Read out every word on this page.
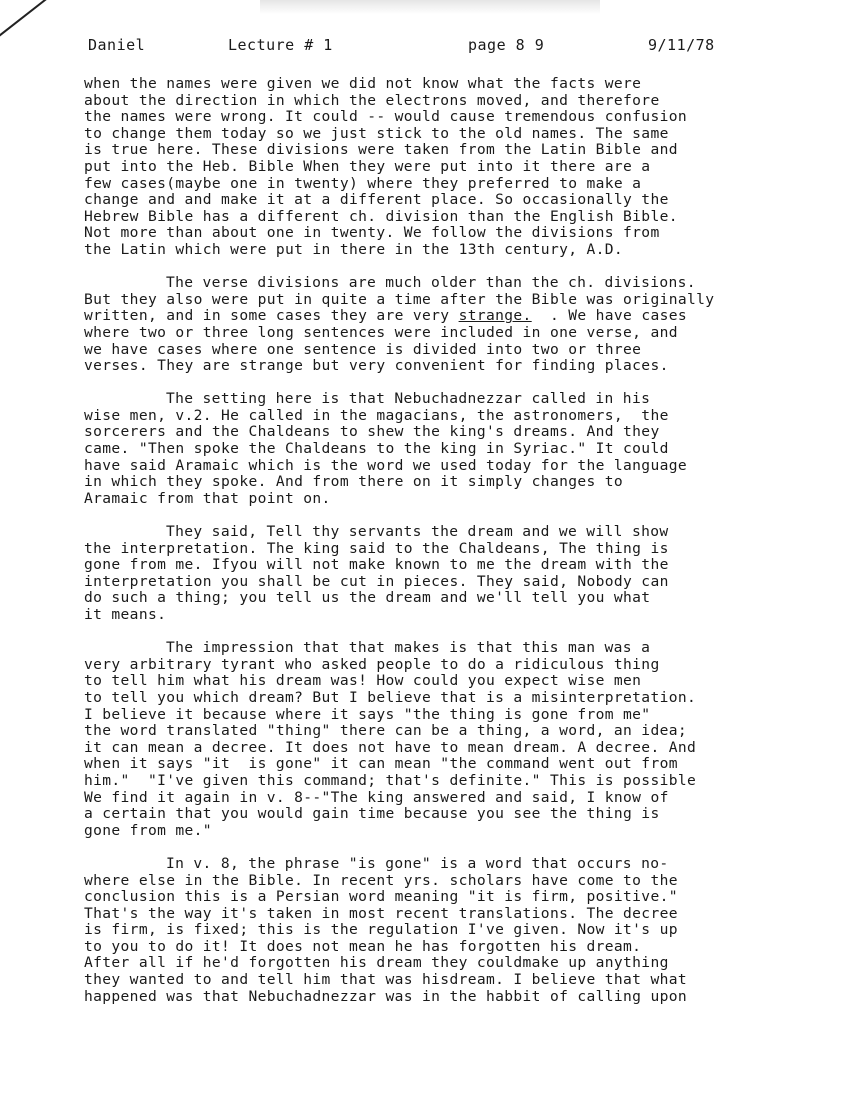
Daniel	Lecture # 1	page 8 9	9/11/78
when the names were given we did not know what the facts were
about the direction in which the electrons moved, and therefore
the names were wrong. It could -- would cause tremendous confusion
to change them today so we just stick to the old names. The same
is true here. These divisions were taken from the Latin Bible and
put into the Heb. Bible When they were put into it there are a
few cases(maybe one in twenty) where they preferred to make a
change and and make it at a different place. So occasionally the
Hebrew Bible has a different ch. division than the English Bible.
Not more than about one in twenty. We follow the divisions from
the Latin which were put in there in the 13th century, A.D.
The verse divisions are much older than the ch. divisions.
But they also were put in quite a time after the Bible was originally
written, and in some cases they are very strange.  . We have cases
where two or three long sentences were included in one verse, and
we have cases where one sentence is divided into two or three
verses. They are strange but very convenient for finding places.
The setting here is that Nebuchadnezzar called in his
wise men, v.2. He called in the magacians, the astronomers,  the
sorcerers and the Chaldeans to shew the king's dreams. And they
came. "Then spoke the Chaldeans to the king in Syriac." It could
have said Aramaic which is the word we used today for the language
in which they spoke. And from there on it simply changes to
Aramaic from that point on.
They said, Tell thy servants the dream and we will show
the interpretation. The king said to the Chaldeans, The thing is
gone from me. Ifyou will not make known to me the dream with the
interpretation you shall be cut in pieces. They said, Nobody can
do such a thing; you tell us the dream and we'll tell you what
it means.
The impression that that makes is that this man was a
very arbitrary tyrant who asked people to do a ridiculous thing
to tell him what his dream was! How could you expect wise men
to tell you which dream? But I believe that is a misinterpretation.
I believe it because where it says "the thing is gone from me"
the word translated "thing" there can be a thing, a word, an idea;
it can mean a decree. It does not have to mean dream. A decree. And
when it says "it  is gone" it can mean "the command went out from
him."  "I've given this command; that's definite." This is possible
We find it again in v. 8--"The king answered and said, I know of
a certain that you would gain time because you see the thing is
gone from me."
In v. 8, the phrase "is gone" is a word that occurs no-
where else in the Bible. In recent yrs. scholars have come to the
conclusion this is a Persian word meaning "it is firm, positive."
That's the way it's taken in most recent translations. The decree
is firm, is fixed; this is the regulation I've given. Now it's up
to you to do it! It does not mean he has forgotten his dream.
After all if he'd forgotten his dream they couldmake up anything
they wanted to and tell him that was hisdream. I believe that what
happened was that Nebuchadnezzar was in the habbit of calling upon
